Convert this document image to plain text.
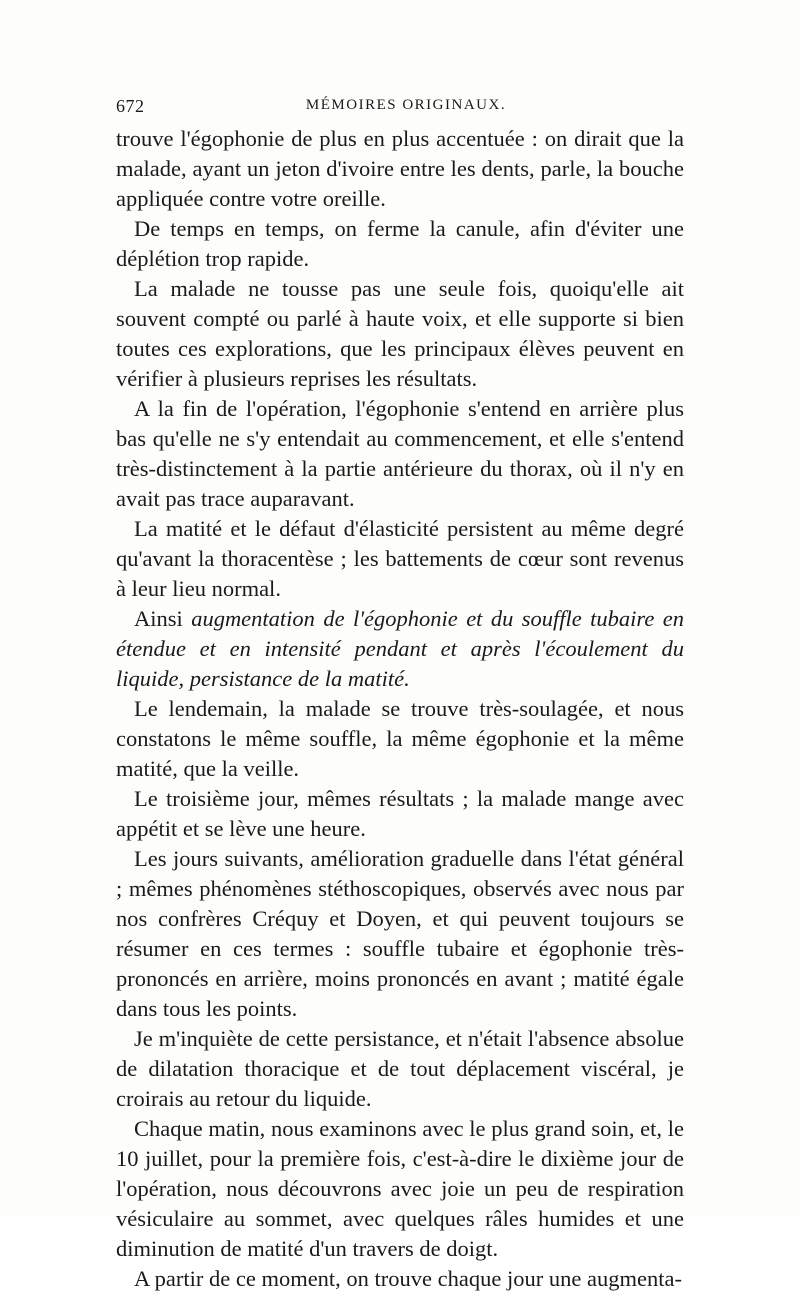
672	MÉMOIRES ORIGINAUX.

trouve l'égophonie de plus en plus accentuée : on dirait que la malade, ayant un jeton d'ivoire entre les dents, parle, la bouche appliquée contre votre oreille.

De temps en temps, on ferme la canule, afin d'éviter une déplétion trop rapide.

La malade ne tousse pas une seule fois, quoiqu'elle ait souvent compté ou parlé à haute voix, et elle supporte si bien toutes ces explorations, que les principaux élèves peuvent en vérifier à plusieurs reprises les résultats.

A la fin de l'opération, l'égophonie s'entend en arrière plus bas qu'elle ne s'y entendait au commencement, et elle s'entend très-distinctement à la partie antérieure du thorax, où il n'y en avait pas trace auparavant.

La matité et le défaut d'élasticité persistent au même degré qu'avant la thoracentèse ; les battements de cœur sont revenus à leur lieu normal.

Ainsi augmentation de l'égophonie et du souffle tubaire en étendue et en intensité pendant et après l'écoulement du liquide, persistance de la matité.

Le lendemain, la malade se trouve très-soulagée, et nous constatons le même souffle, la même égophonie et la même matité, que la veille.

Le troisième jour, mêmes résultats ; la malade mange avec appétit et se lève une heure.

Les jours suivants, amélioration graduelle dans l'état général ; mêmes phénomènes stéthoscopiques, observés avec nous par nos confrères Créquy et Doyen, et qui peuvent toujours se résumer en ces termes : souffle tubaire et égophonie très-prononcés en arrière, moins prononcés en avant ; matité égale dans tous les points.

Je m'inquiète de cette persistance, et n'était l'absence absolue de dilatation thoracique et de tout déplacement viscéral, je croirais au retour du liquide.

Chaque matin, nous examinons avec le plus grand soin, et, le 10 juillet, pour la première fois, c'est-à-dire le dixième jour de l'opération, nous découvrons avec joie un peu de respiration vésiculaire au sommet, avec quelques râles humides et une diminution de matité d'un travers de doigt.

A partir de ce moment, on trouve chaque jour une augmenta-
